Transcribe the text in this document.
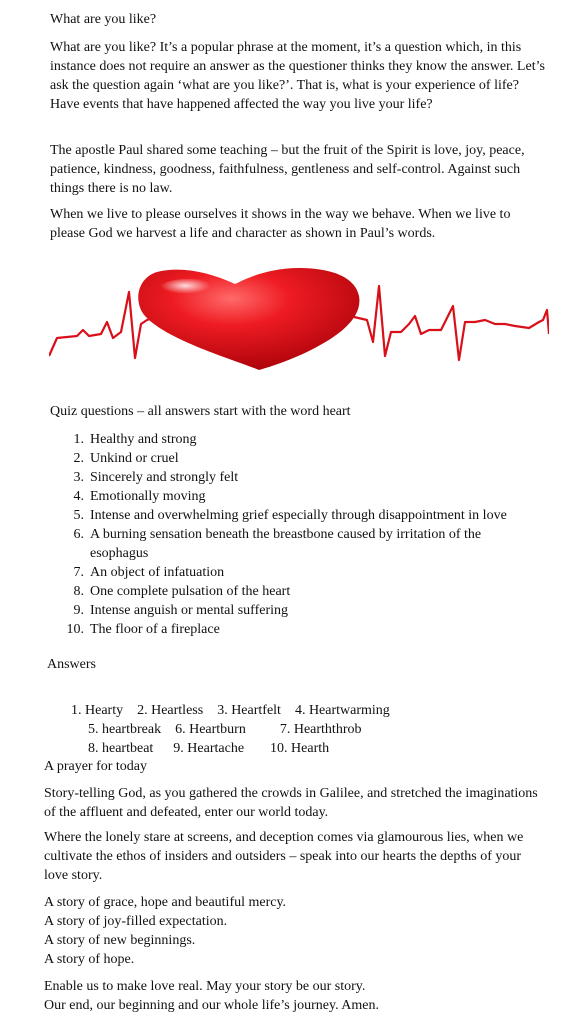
What are you like?

What are you like? It’s a popular phrase at the moment, it’s a question which, in this instance does not require an answer as the questioner thinks they know the answer. Let’s ask the question again ‘what are you like?’. That is, what is your experience of life? Have events that have happened affected the way you live your life?

The apostle Paul shared some teaching – but the fruit of the Spirit is love, joy, peace, patience, kindness, goodness, faithfulness, gentleness and self-control. Against such things there is no law.

When we live to please ourselves it shows in the way we behave. When we live to please God we harvest a life and character as shown in Paul’s words.

Quiz questions – all answers start with the word heart

1. Healthy and strong
2. Unkind or cruel
3. Sincerely and strongly felt
4. Emotionally moving
5. Intense and overwhelming grief especially through disappointment in love
6. A burning sensation beneath the breastbone caused by irritation of the esophagus
7. An object of infatuation
8. One complete pulsation of the heart
9. Intense anguish or mental suffering
10. The floor of a fireplace

Answers

1. Hearty 2. Heartless 3. Heartfelt 4. Heartwarming

5. heartbreak 6. Heartburn 7. Hearththrob

8. heartbeat 9. Heartache 10. Hearth

A prayer for today

Story-telling God, as you gathered the crowds in Galilee, and stretched the imaginations of the affluent and defeated, enter our world today.

Where the lonely stare at screens, and deception comes via glamourous lies, when we cultivate the ethos of insiders and outsiders – speak into our hearts the depths of your love story.

A story of grace, hope and beautiful mercy.

A story of joy-filled expectation.

A story of new beginnings.

A story of hope.

Enable us to make love real. May your story be our story.

Our end, our beginning and our whole life’s journey. Amen.
